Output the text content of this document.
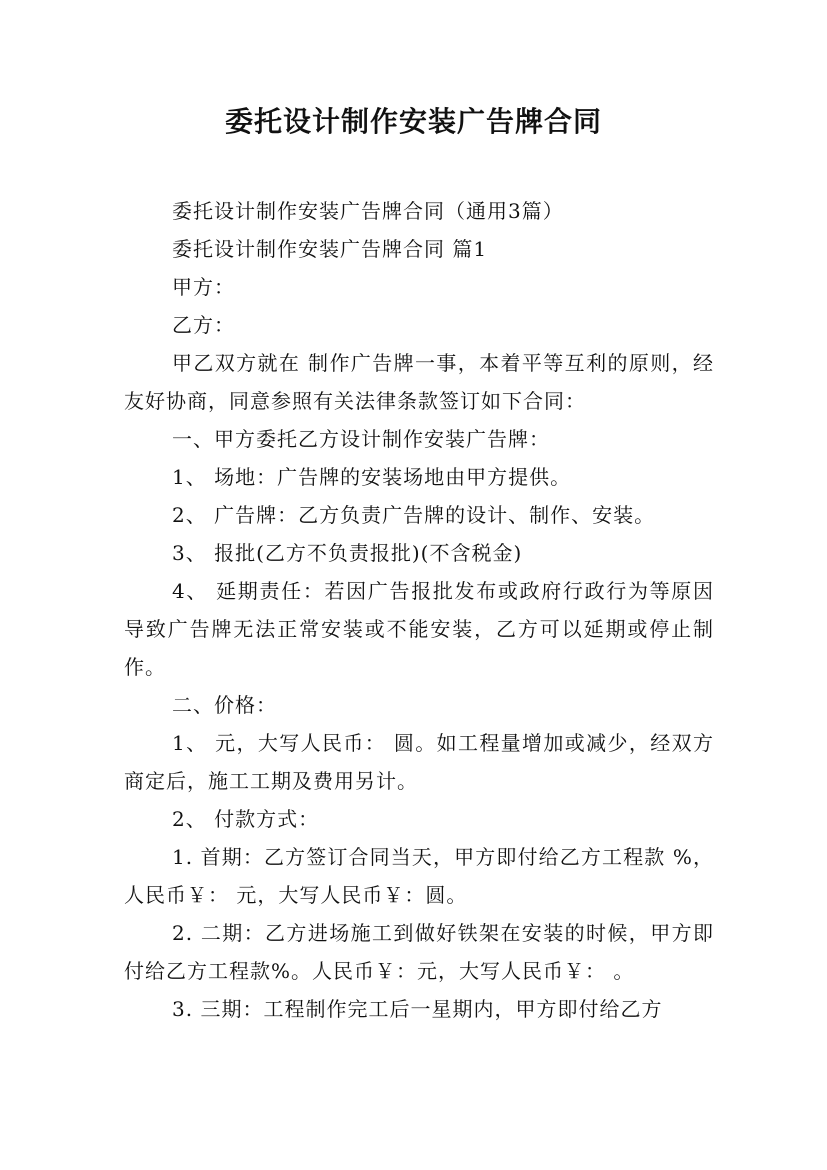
委托设计制作安装广告牌合同

委托设计制作安装广告牌合同（通用3篇）

委托设计制作安装广告牌合同 篇1

甲方：

乙方：

甲乙双方就在 制作广告牌一事，本着平等互利的原则，经友好协商，同意参照有关法律条款签订如下合同：

一、甲方委托乙方设计制作安装广告牌：

1、 场地：广告牌的安装场地由甲方提供。

2、 广告牌：乙方负责广告牌的设计、制作、安装。

3、 报批(乙方不负责报批)(不含税金)

4、 延期责任：若因广告报批发布或政府行政行为等原因导致广告牌无法正常安装或不能安装，乙方可以延期或停止制作。

二、价格：

1、 元，大写人民币： 圆。如工程量增加或减少，经双方商定后，施工工期及费用另计。

2、 付款方式：

1. 首期：乙方签订合同当天，甲方即付给乙方工程款 %，人民币￥： 元，大写人民币￥：圆。

2. 二期：乙方进场施工到做好铁架在安装的时候，甲方即付给乙方工程款%。人民币￥：元，大写人民币￥： 。

3. 三期：工程制作完工后一星期内，甲方即付给乙方
